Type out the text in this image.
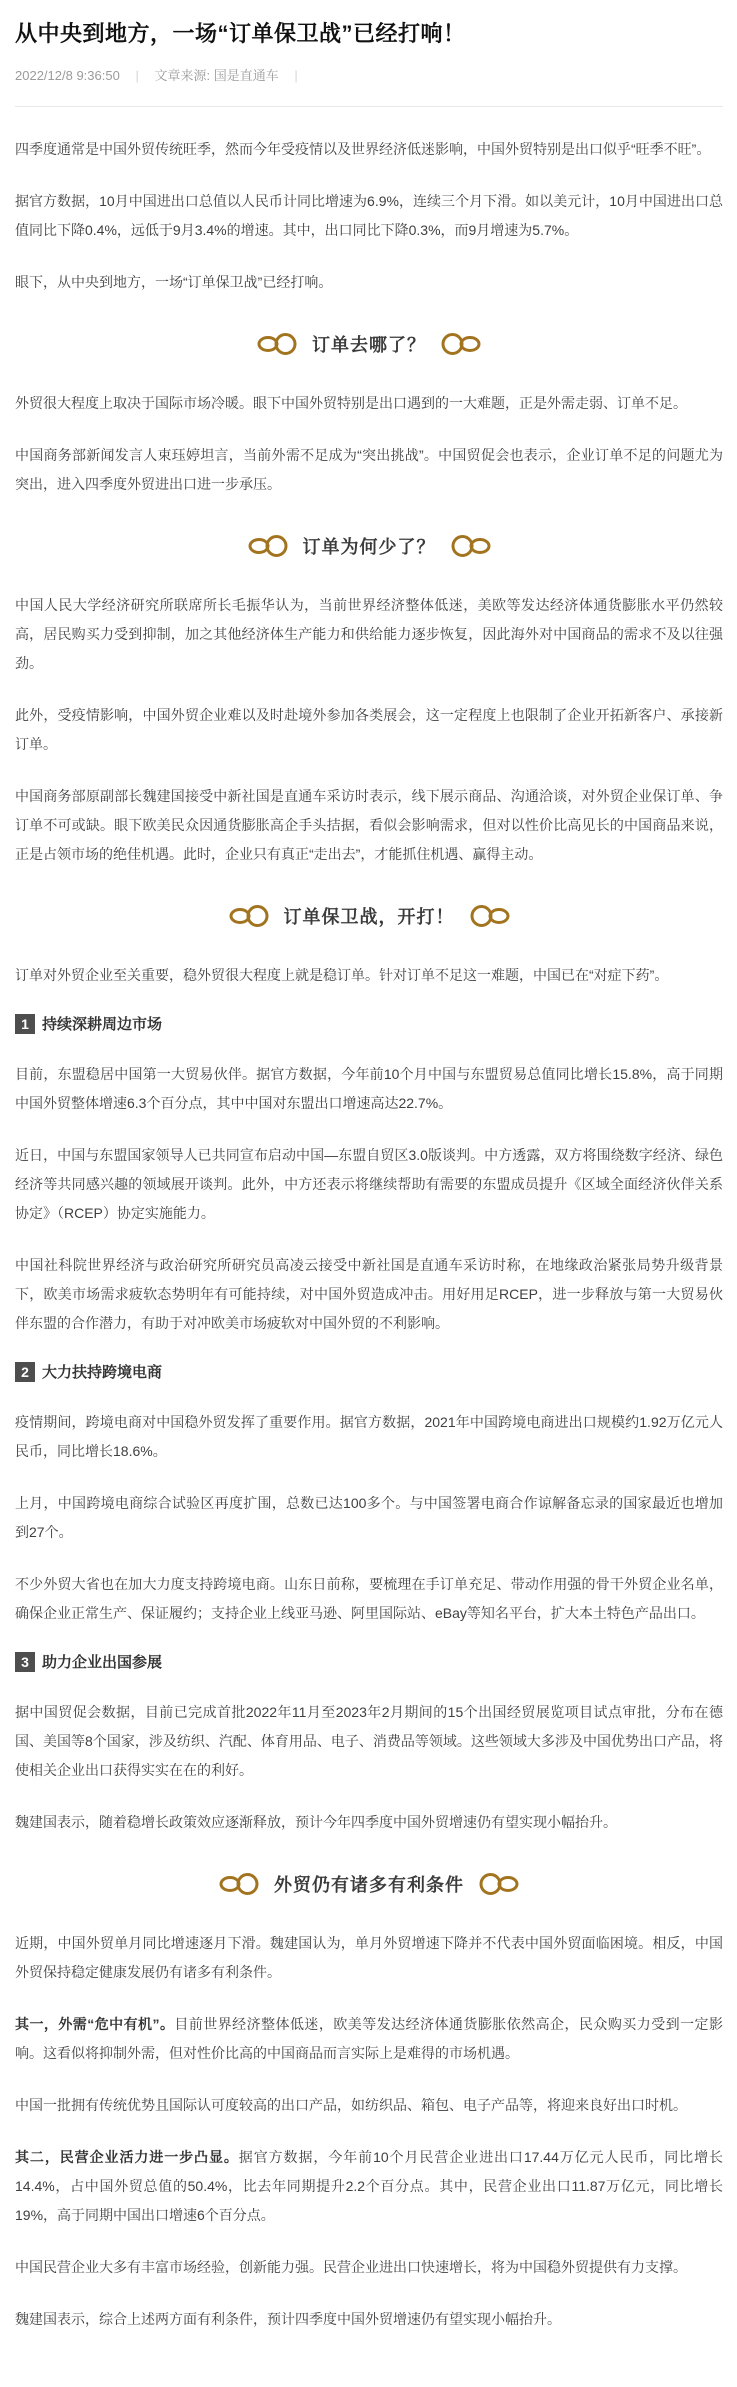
从中央到地方，一场“订单保卫战”已经打响！
2022/12/8 9:36:50 | 文章来源: 国是直通车 |

四季度通常是中国外贸传统旺季，然而今年受疫情以及世界经济低迷影响，中国外贸特别是出口似乎“旺季不旺”。

据官方数据，10月中国进出口总值以人民币计同比增速为6.9%，连续三个月下滑。如以美元计，10月中国进出口总值同比下降0.4%，远低于9月3.4%的增速。其中，出口同比下降0.3%，而9月增速为5.7%。

眼下，从中央到地方，一场“订单保卫战”已经打响。

订单去哪了？

外贸很大程度上取决于国际市场冷暖。眼下中国外贸特别是出口遇到的一大难题，正是外需走弱、订单不足。

中国商务部新闻发言人束珏婷坦言，当前外需不足成为“突出挑战”。中国贸促会也表示，企业订单不足的问题尤为突出，进入四季度外贸进出口进一步承压。

订单为何少了？

中国人民大学经济研究所联席所长毛振华认为，当前世界经济整体低迷，美欧等发达经济体通货膨胀水平仍然较高，居民购买力受到抑制，加之其他经济体生产能力和供给能力逐步恢复，因此海外对中国商品的需求不及以往强劲。

此外，受疫情影响，中国外贸企业难以及时赴境外参加各类展会，这一定程度上也限制了企业开拓新客户、承接新订单。

中国商务部原副部长魏建国接受中新社国是直通车采访时表示，线下展示商品、沟通洽谈，对外贸企业保订单、争订单不可或缺。眼下欧美民众因通货膨胀高企手头拮据，看似会影响需求，但对以性价比高见长的中国商品来说，正是占领市场的绝佳机遇。此时，企业只有真正“走出去”，才能抓住机遇、赢得主动。

订单保卫战，开打！

订单对外贸企业至关重要，稳外贸很大程度上就是稳订单。针对订单不足这一难题，中国已在“对症下药”。

1 持续深耕周边市场

目前，东盟稳居中国第一大贸易伙伴。据官方数据，今年前10个月中国与东盟贸易总值同比增长15.8%，高于同期中国外贸整体增速6.3个百分点，其中中国对东盟出口增速高达22.7%。

近日，中国与东盟国家领导人已共同宣布启动中国—东盟自贸区3.0版谈判。中方透露，双方将围绕数字经济、绿色经济等共同感兴趣的领域展开谈判。此外，中方还表示将继续帮助有需要的东盟成员提升《区域全面经济伙伴关系协定》（RCEP）协定实施能力。

中国社科院世界经济与政治研究所研究员高凌云接受中新社国是直通车采访时称，在地缘政治紧张局势升级背景下，欧美市场需求疲软态势明年有可能持续，对中国外贸造成冲击。用好用足RCEP，进一步释放与第一大贸易伙伴东盟的合作潜力，有助于对冲欧美市场疲软对中国外贸的不利影响。

2 大力扶持跨境电商

疫情期间，跨境电商对中国稳外贸发挥了重要作用。据官方数据，2021年中国跨境电商进出口规模约1.92万亿元人民币，同比增长18.6%。

上月，中国跨境电商综合试验区再度扩围，总数已达100多个。与中国签署电商合作谅解备忘录的国家最近也增加到27个。

不少外贸大省也在加大力度支持跨境电商。山东日前称，要梳理在手订单充足、带动作用强的骨干外贸企业名单，确保企业正常生产、保证履约；支持企业上线亚马逊、阿里国际站、eBay等知名平台，扩大本土特色产品出口。

3 助力企业出国参展

据中国贸促会数据，目前已完成首批2022年11月至2023年2月期间的15个出国经贸展览项目试点审批，分布在德国、美国等8个国家，涉及纺织、汽配、体育用品、电子、消费品等领域。这些领域大多涉及中国优势出口产品，将使相关企业出口获得实实在在的利好。

魏建国表示，随着稳增长政策效应逐渐释放，预计今年四季度中国外贸增速仍有望实现小幅抬升。

外贸仍有诸多有利条件

近期，中国外贸单月同比增速逐月下滑。魏建国认为，单月外贸增速下降并不代表中国外贸面临困境。相反，中国外贸保持稳定健康发展仍有诸多有利条件。

其一，外需“危中有机”。目前世界经济整体低迷，欧美等发达经济体通货膨胀依然高企，民众购买力受到一定影响。这看似将抑制外需，但对性价比高的中国商品而言实际上是难得的市场机遇。

中国一批拥有传统优势且国际认可度较高的出口产品，如纺织品、箱包、电子产品等，将迎来良好出口时机。

其二，民营企业活力进一步凸显。据官方数据，今年前10个月民营企业进出口17.44万亿元人民币，同比增长14.4%，占中国外贸总值的50.4%，比去年同期提升2.2个百分点。其中，民营企业出口11.87万亿元，同比增长19%，高于同期中国出口增速6个百分点。

中国民营企业大多有丰富市场经验，创新能力强。民营企业进出口快速增长，将为中国稳外贸提供有力支撑。

魏建国表示，综合上述两方面有利条件，预计四季度中国外贸增速仍有望实现小幅抬升。
